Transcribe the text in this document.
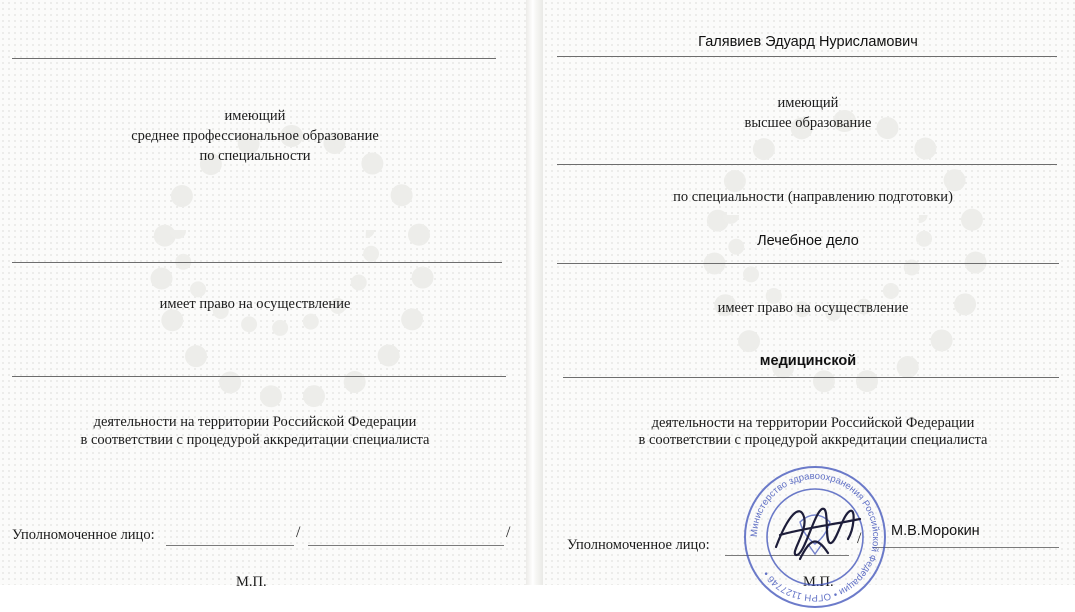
имеющий
среднее профессиональное образование
по специальности
имеет право на осуществление
деятельности на территории Российской Федерации
в соответствии с процедурой аккредитации специалиста
Уполномоченное лицо:	/	/
М.П.
Галявиев Эдуард Нурисламович
имеющий
высшее образование
по специальности (направлению подготовки)
Лечебное дело
имеет право на осуществление
медицинской
деятельности на территории Российской Федерации
в соответствии с процедурой аккредитации специалиста
Уполномоченное лицо:	/ М.В.Морокин
М.П.
Министерство здравоохранения Российской Федерации • ОГРН 1127746 •
